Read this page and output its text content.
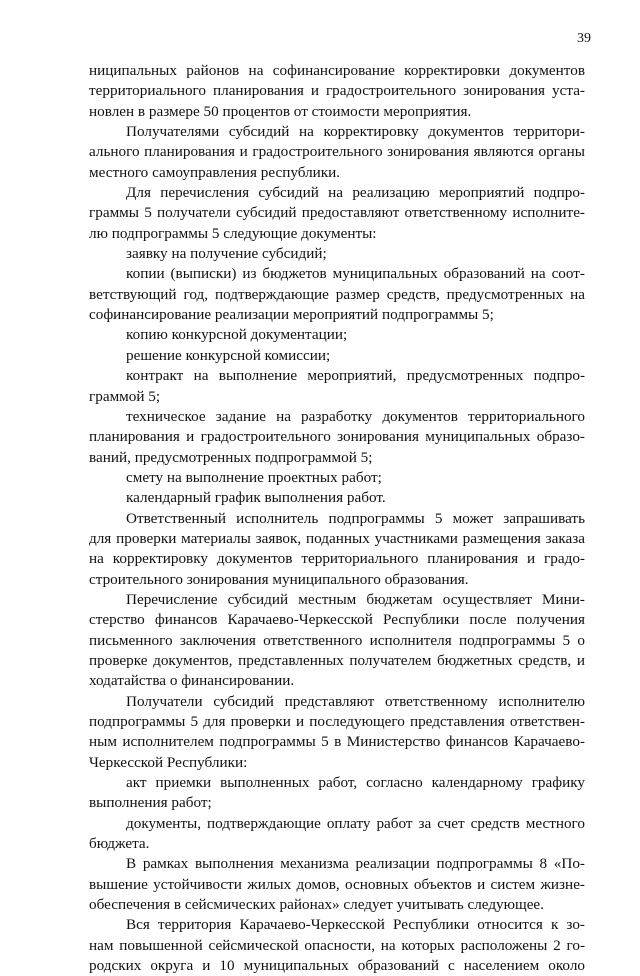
39
ниципальных районов на софинансирование корректировки документов
территориального планирования и градостроительного зонирования уста-
новлен в размере 50 процентов от стоимости мероприятия.
Получателями субсидий на корректировку документов территори-
ального планирования и градостроительного зонирования являются органы
местного самоуправления республики.
Для перечисления субсидий на реализацию мероприятий подпро-
граммы 5 получатели субсидий предоставляют ответственному исполните-
лю подпрограммы 5 следующие документы:
заявку на получение субсидий;
копии (выписки) из бюджетов муниципальных образований на соот-
ветствующий год, подтверждающие размер средств, предусмотренных на
софинансирование реализации мероприятий подпрограммы 5;
копию конкурсной документации;
решение конкурсной комиссии;
контракт на выполнение мероприятий, предусмотренных подпро-
граммой 5;
техническое задание на разработку документов территориального
планирования и градостроительного зонирования муниципальных образо-
ваний, предусмотренных подпрограммой 5;
смету на выполнение проектных работ;
календарный график выполнения работ.
Ответственный исполнитель подпрограммы 5 может запрашивать
для проверки материалы заявок, поданных участниками размещения заказа
на корректировку документов территориального планирования и градо-
строительного зонирования муниципального образования.
Перечисление субсидий местным бюджетам осуществляет Мини-
стерство финансов Карачаево-Черкесской Республики после получения
письменного заключения ответственного исполнителя подпрограммы 5 о
проверке документов, представленных получателем бюджетных средств, и
ходатайства о финансировании.
Получатели субсидий представляют ответственному исполнителю
подпрограммы 5 для проверки и последующего представления ответствен-
ным исполнителем подпрограммы 5 в Министерство финансов Карачаево-
Черкесской Республики:
акт приемки выполненных работ, согласно календарному графику
выполнения работ;
документы, подтверждающие оплату работ за счет средств местного
бюджета.
В рамках выполнения механизма реализации подпрограммы 8 «По-
вышение устойчивости жилых домов, основных объектов и систем жизне-
обеспечения в сейсмических районах» следует учитывать следующее.
Вся территория Карачаево-Черкесской Республики относится к зо-
нам повышенной сейсмической опасности, на которых расположены 2 го-
родских округа и 10 муниципальных образований с населением около
